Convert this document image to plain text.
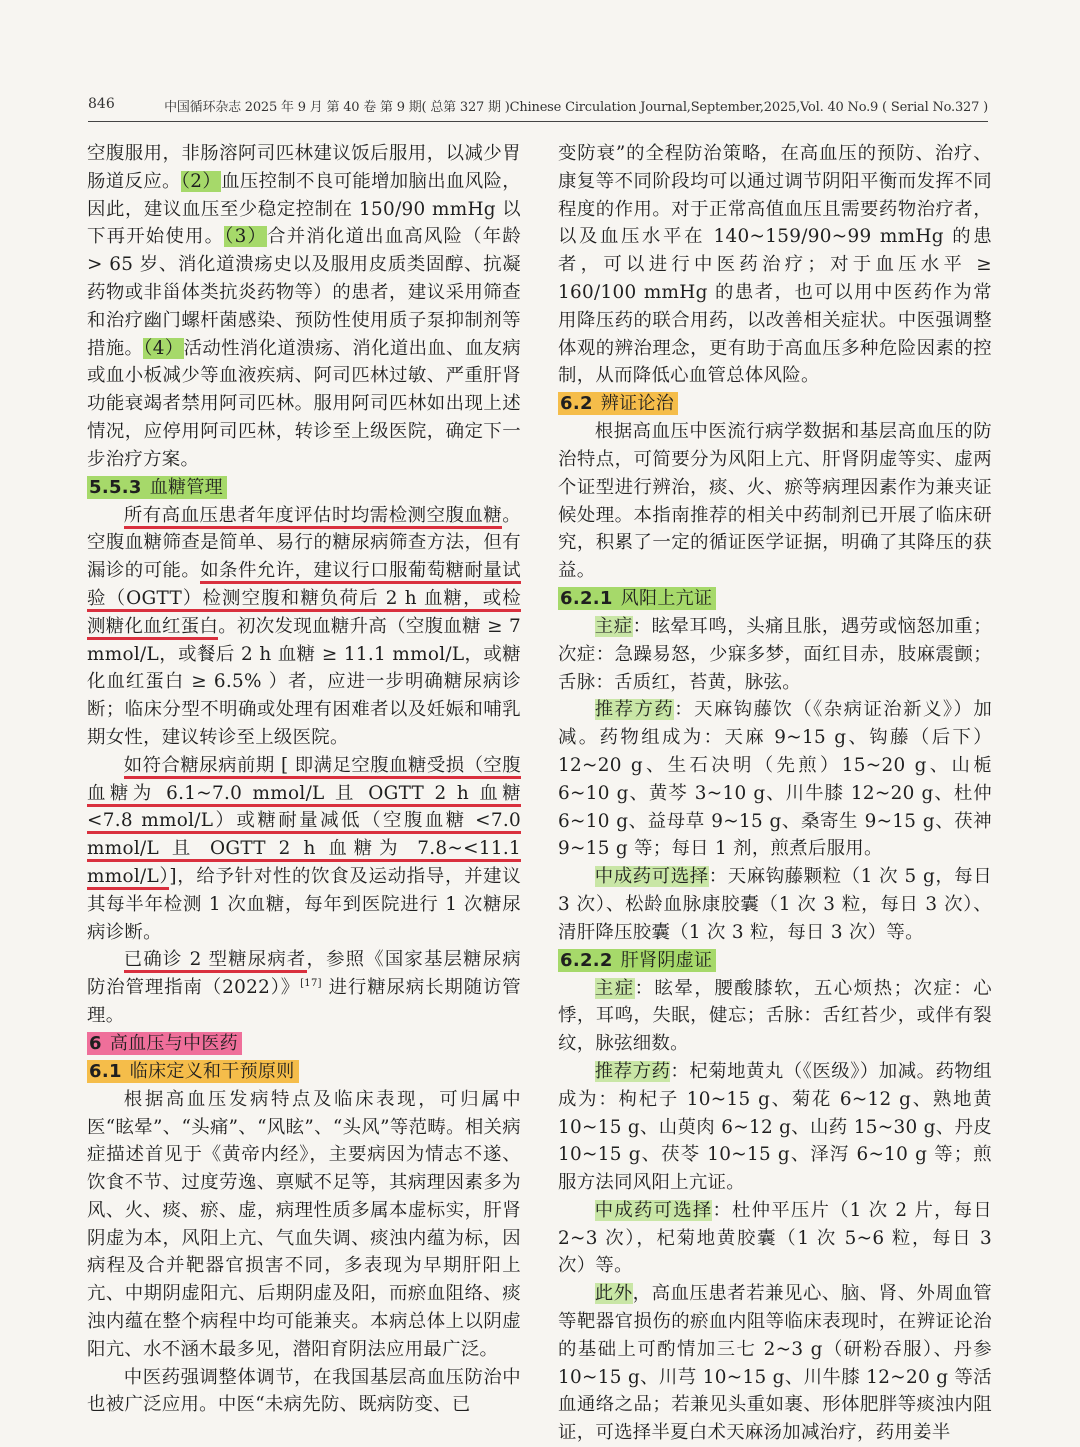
846	中国循环杂志 2025 年 9 月 第 40 卷 第 9 期( 总第 327 期 )Chinese Circulation Journal,September,2025,Vol. 40 No.9 ( Serial No.327 )

空腹服用，非肠溶阿司匹林建议饭后服用，以减少胃肠道反应。（2）血压控制不良可能增加脑出血风险，因此，建议血压至少稳定控制在 150/90 mmHg 以下再开始使用。（3）合并消化道出血高风险（年龄 > 65 岁、消化道溃疡史以及服用皮质类固醇、抗凝药物或非甾体类抗炎药物等）的患者，建议采用筛查和治疗幽门螺杆菌感染、预防性使用质子泵抑制剂等措施。（4）活动性消化道溃疡、消化道出血、血友病或血小板减少等血液疾病、阿司匹林过敏、严重肝肾功能衰竭者禁用阿司匹林。服用阿司匹林如出现上述情况，应停用阿司匹林，转诊至上级医院，确定下一步治疗方案。

5.5.3 血糖管理

所有高血压患者年度评估时均需检测空腹血糖。空腹血糖筛查是简单、易行的糖尿病筛查方法，但有漏诊的可能。如条件允许，建议行口服葡萄糖耐量试验（OGTT）检测空腹和糖负荷后 2 h 血糖，或检测糖化血红蛋白。初次发现血糖升高（空腹血糖 ≥ 7 mmol/L，或餐后 2 h 血糖 ≥ 11.1 mmol/L，或糖化血红蛋白 ≥ 6.5% ）者，应进一步明确糖尿病诊断；临床分型不明确或处理有困难者以及妊娠和哺乳期女性，建议转诊至上级医院。

如符合糖尿病前期 [ 即满足空腹血糖受损（空腹血糖为 6.1~7.0 mmol/L 且 OGTT 2 h 血糖 <7.8 mmol/L）或糖耐量减低（空腹血糖 <7.0 mmol/L 且 OGTT 2 h 血糖为 7.8~<11.1 mmol/L）]，给予针对性的饮食及运动指导，并建议其每半年检测 1 次血糖，每年到医院进行 1 次糖尿病诊断。

已确诊 2 型糖尿病者，参照《国家基层糖尿病防治管理指南（2022）》[17] 进行糖尿病长期随访管理。

6 高血压与中医药
6.1 临床定义和干预原则

根据高血压发病特点及临床表现，可归属中医“眩晕”、“头痛”、“风眩”、“头风”等范畴。相关病症描述首见于《黄帝内经》，主要病因为情志不遂、饮食不节、过度劳逸、禀赋不足等，其病理因素多为风、火、痰、瘀、虚，病理性质多属本虚标实，肝肾阴虚为本，风阳上亢、气血失调、痰浊内蕴为标，因病程及合并靶器官损害不同，多表现为早期肝阳上亢、中期阴虚阳亢、后期阴虚及阳，而瘀血阻络、痰浊内蕴在整个病程中均可能兼夹。本病总体上以阴虚阳亢、水不涵木最多见，潜阳育阴法应用最广泛。

中医药强调整体调节，在我国基层高血压防治中也被广泛应用。中医“未病先防、既病防变、已

变防衰”的全程防治策略，在高血压的预防、治疗、康复等不同阶段均可以通过调节阴阳平衡而发挥不同程度的作用。对于正常高值血压且需要药物治疗者，以及血压水平在 140~159/90~99 mmHg 的患者，可以进行中医药治疗；对于血压水平 ≥ 160/100 mmHg 的患者，也可以用中医药作为常用降压药的联合用药，以改善相关症状。中医强调整体观的辨治理念，更有助于高血压多种危险因素的控制，从而降低心血管总体风险。

6.2 辨证论治

根据高血压中医流行病学数据和基层高血压的防治特点，可简要分为风阳上亢、肝肾阴虚等实、虚两个证型进行辨治，痰、火、瘀等病理因素作为兼夹证候处理。本指南推荐的相关中药制剂已开展了临床研究，积累了一定的循证医学证据，明确了其降压的获益。

6.2.1 风阳上亢证

主症：眩晕耳鸣，头痛且胀，遇劳或恼怒加重；次症：急躁易怒，少寐多梦，面红目赤，肢麻震颤；舌脉：舌质红，苔黄，脉弦。

推荐方药：天麻钩藤饮（《杂病证治新义》）加减。药物组成为：天麻 9~15 g、钩藤（后下）12~20 g、生石决明（先煎）15~20 g、山栀 6~10 g、黄芩 3~10 g、川牛膝 12~20 g、杜仲 6~10 g、益母草 9~15 g、桑寄生 9~15 g、茯神 9~15 g 等；每日 1 剂，煎煮后服用。

中成药可选择：天麻钩藤颗粒（1 次 5 g，每日 3 次）、松龄血脉康胶囊（1 次 3 粒，每日 3 次）、清肝降压胶囊（1 次 3 粒，每日 3 次）等。

6.2.2 肝肾阴虚证

主症：眩晕，腰酸膝软，五心烦热；次症：心悸，耳鸣，失眠，健忘；舌脉：舌红苔少，或伴有裂纹，脉弦细数。

推荐方药：杞菊地黄丸（《医级》）加减。药物组成为：枸杞子 10~15 g、菊花 6~12 g、熟地黄 10~15 g、山萸肉 6~12 g、山药 15~30 g、丹皮 10~15 g、茯苓 10~15 g、泽泻 6~10 g 等；煎服方法同风阳上亢证。

中成药可选择：杜仲平压片（1 次 2 片，每日 2~3 次），杞菊地黄胶囊（1 次 5~6 粒，每日 3 次）等。

此外，高血压患者若兼见心、脑、肾、外周血管等靶器官损伤的瘀血内阻等临床表现时，在辨证论治的基础上可酌情加三七 2~3 g（研粉吞服）、丹参 10~15 g、川芎 10~15 g、川牛膝 12~20 g 等活血通络之品；若兼见头重如裹、形体肥胖等痰浊内阻证，可选择半夏白术天麻汤加减治疗，药用姜半
